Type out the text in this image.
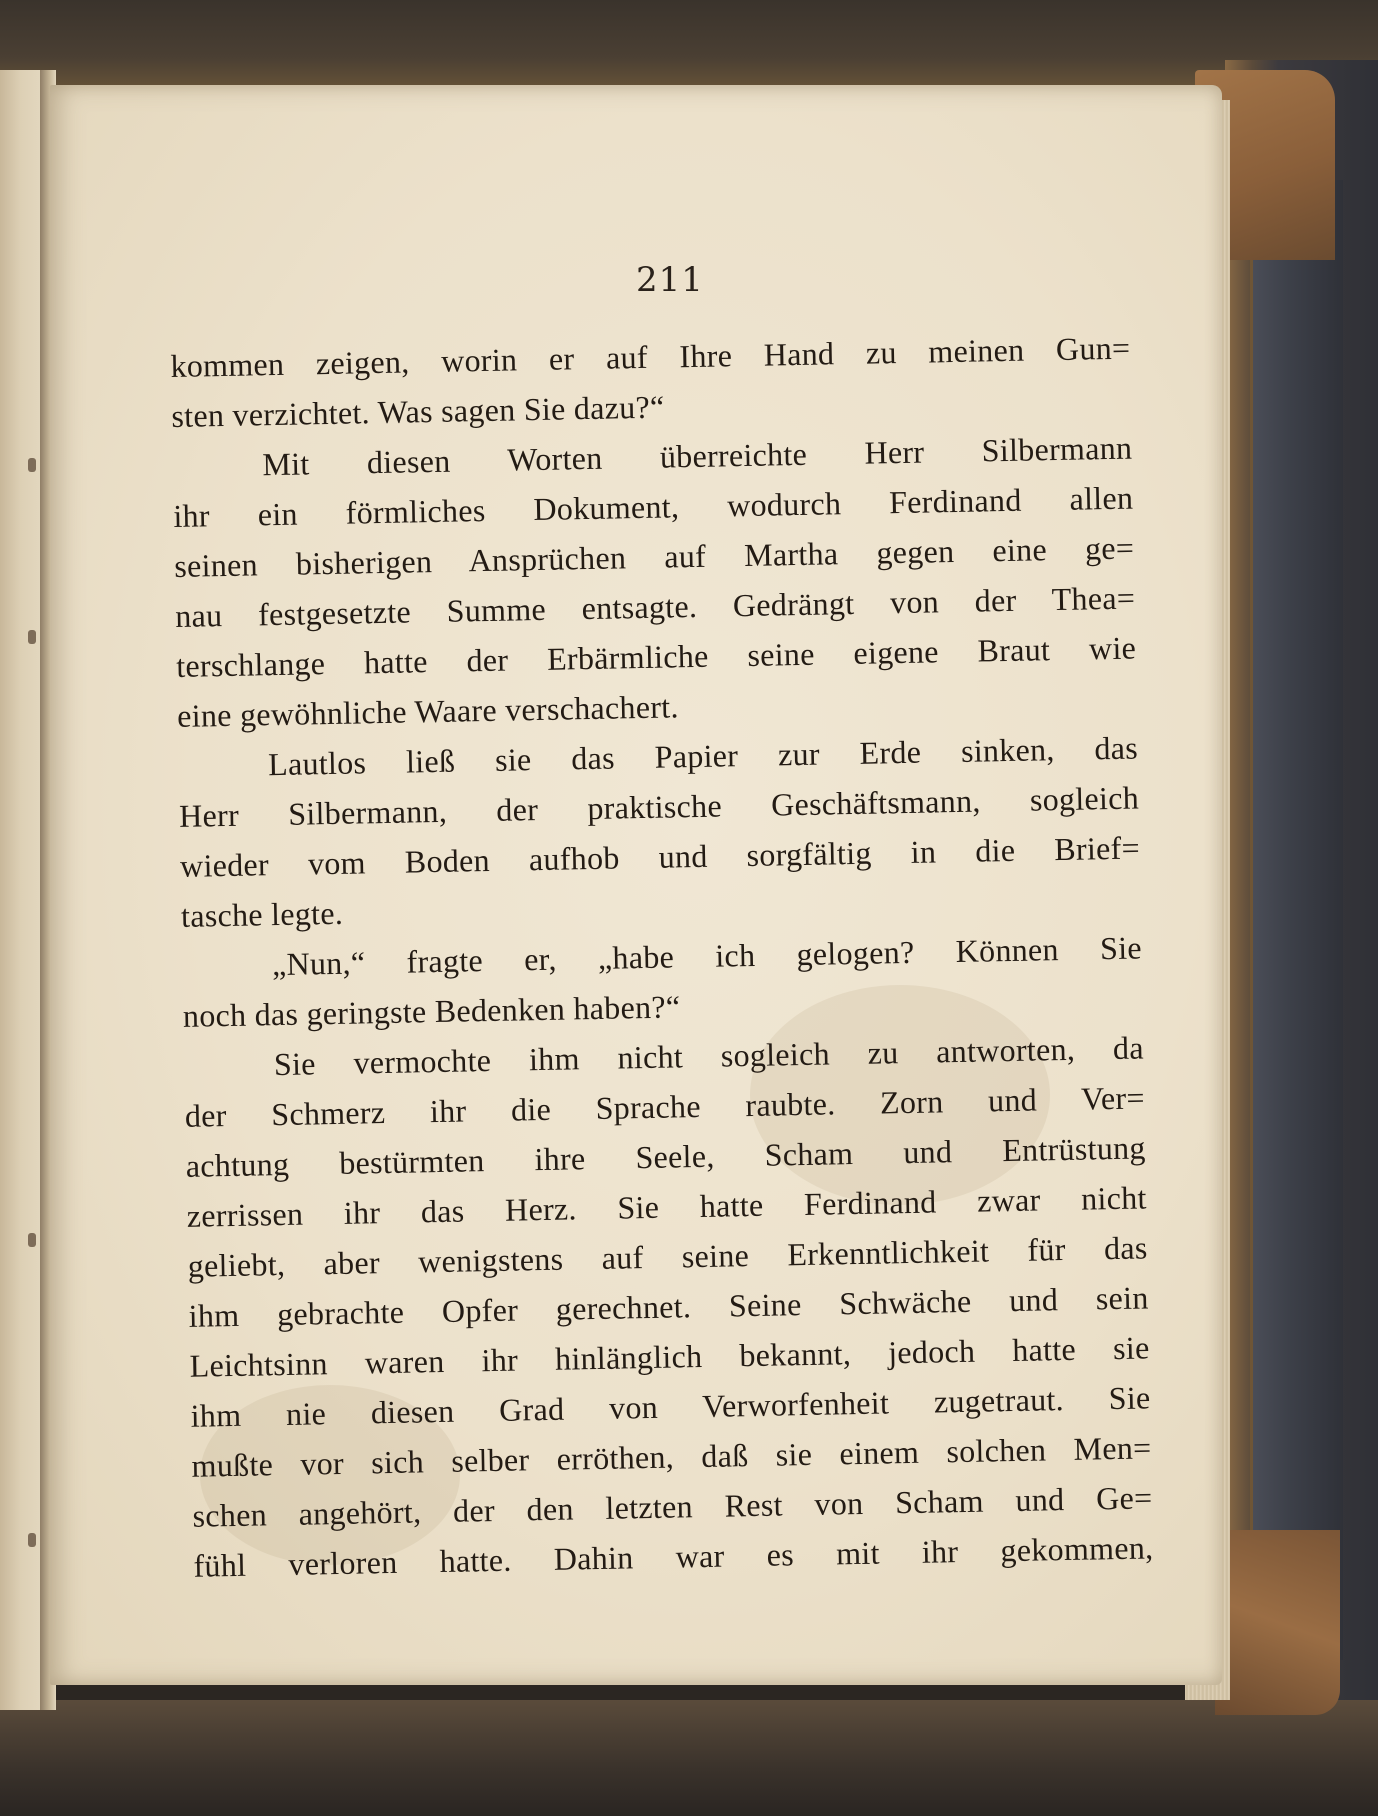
211
kommen zeigen, worin er auf Ihre Hand zu meinen Gun=
sten verzichtet. Was sagen Sie dazu?“
Mit diesen Worten überreichte Herr Silbermann
ihr ein förmliches Dokument, wodurch Ferdinand allen
seinen bisherigen Ansprüchen auf Martha gegen eine ge=
nau festgesetzte Summe entsagte. Gedrängt von der Thea=
terschlange hatte der Erbärmliche seine eigene Braut wie
eine gewöhnliche Waare verschachert.
Lautlos ließ sie das Papier zur Erde sinken, das
Herr Silbermann, der praktische Geschäftsmann, sogleich
wieder vom Boden aufhob und sorgfältig in die Brief=
tasche legte.
„Nun,“ fragte er, „habe ich gelogen? Können Sie
noch das geringste Bedenken haben?“
Sie vermochte ihm nicht sogleich zu antworten, da
der Schmerz ihr die Sprache raubte. Zorn und Ver=
achtung bestürmten ihre Seele, Scham und Entrüstung
zerrissen ihr das Herz. Sie hatte Ferdinand zwar nicht
geliebt, aber wenigstens auf seine Erkenntlichkeit für das
ihm gebrachte Opfer gerechnet. Seine Schwäche und sein
Leichtsinn waren ihr hinlänglich bekannt, jedoch hatte sie
ihm nie diesen Grad von Verworfenheit zugetraut. Sie
mußte vor sich selber erröthen, daß sie einem solchen Men=
schen angehört, der den letzten Rest von Scham und Ge=
fühl verloren hatte. Dahin war es mit ihr gekommen,
